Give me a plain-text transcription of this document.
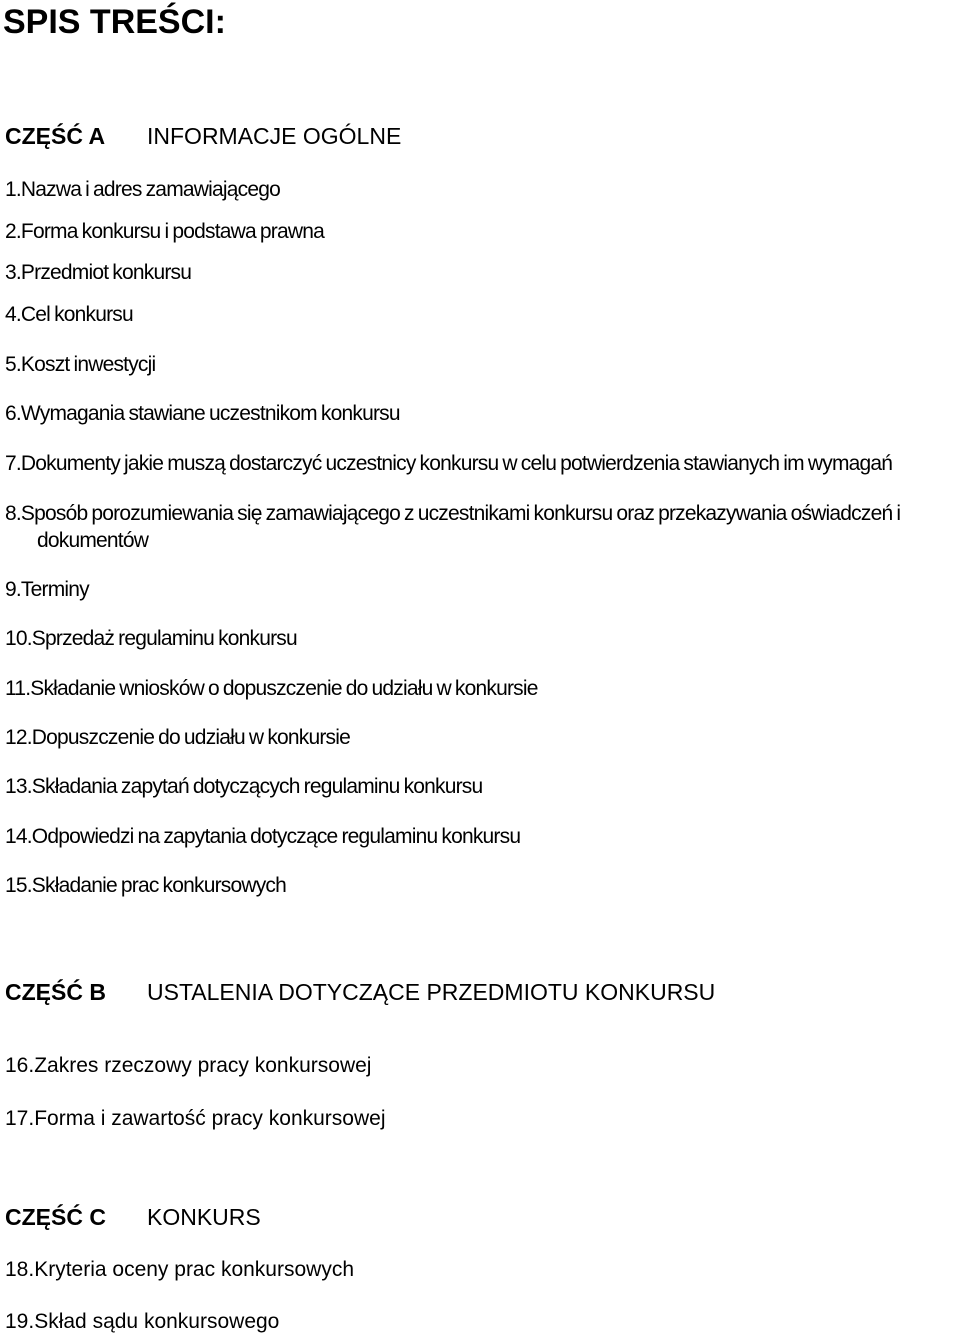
SPIS TREŚCI:
CZĘŚĆ A INFORMACJE OGÓLNE
1.Nazwa i adres zamawiającego
2.Forma konkursu i podstawa prawna
3.Przedmiot konkursu
4.Cel konkursu
5.Koszt inwestycji
6.Wymagania stawiane uczestnikom konkursu
7.Dokumenty jakie muszą dostarczyć uczestnicy konkursu w celu potwierdzenia stawianych im wymagań
8.Sposób porozumiewania się zamawiającego z uczestnikami konkursu oraz przekazywania oświadczeń i dokumentów
9.Terminy
10.Sprzedaż regulaminu konkursu
11.Składanie wniosków o dopuszczenie do udziału w konkursie
12.Dopuszczenie do udziału w konkursie
13.Składania zapytań dotyczących regulaminu konkursu
14.Odpowiedzi na zapytania dotyczące regulaminu konkursu
15.Składanie prac konkursowych
CZĘŚĆ B USTALENIA DOTYCZĄCE PRZEDMIOTU KONKURSU
16.Zakres rzeczowy pracy konkursowej
17.Forma i zawartość pracy konkursowej
CZĘŚĆ C KONKURS
18.Kryteria oceny prac konkursowych
19.Skład sądu konkursowego
